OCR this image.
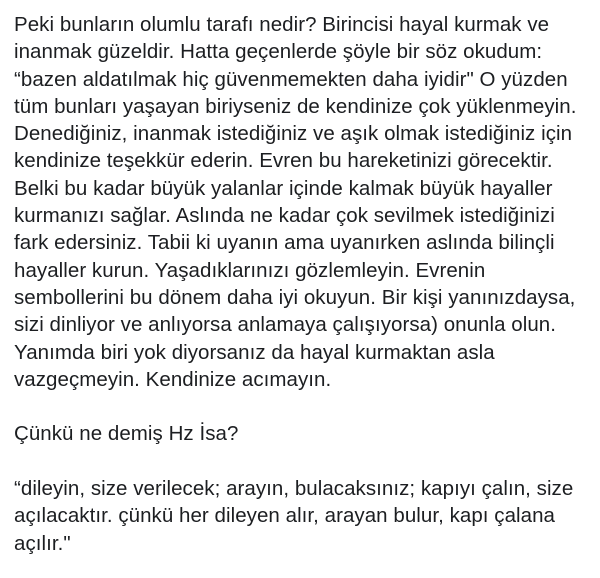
Peki bunların olumlu tarafı nedir? Birincisi hayal kurmak ve
inanmak güzeldir. Hatta geçenlerde şöyle bir söz okudum:
“bazen aldatılmak hiç güvenmemekten daha iyidir" O yüzden
tüm bunları yaşayan biriyseniz de kendinize çok yüklenmeyin.
Denediğiniz, inanmak istediğiniz ve aşık olmak istediğiniz için
kendinize teşekkür ederin. Evren bu hareketinizi görecektir.
Belki bu kadar büyük yalanlar içinde kalmak büyük hayaller
kurmanızı sağlar. Aslında ne kadar çok sevilmek istediğinizi
fark edersiniz. Tabii ki uyanın ama uyanırken aslında bilinçli
hayaller kurun. Yaşadıklarınızı gözlemleyin. Evrenin
sembollerini bu dönem daha iyi okuyun. Bir kişi yanınızdaysa,
sizi dinliyor ve anlıyorsa anlamaya çalışıyorsa) onunla olun.
Yanımda biri yok diyorsanız da hayal kurmaktan asla
vazgeçmeyin. Kendinize acımayın.
Çünkü ne demiş Hz İsa?
“dileyin, size verilecek; arayın, bulacaksınız; kapıyı çalın, size
açılacaktır. çünkü her dileyen alır, arayan bulur, kapı çalana
açılır."
